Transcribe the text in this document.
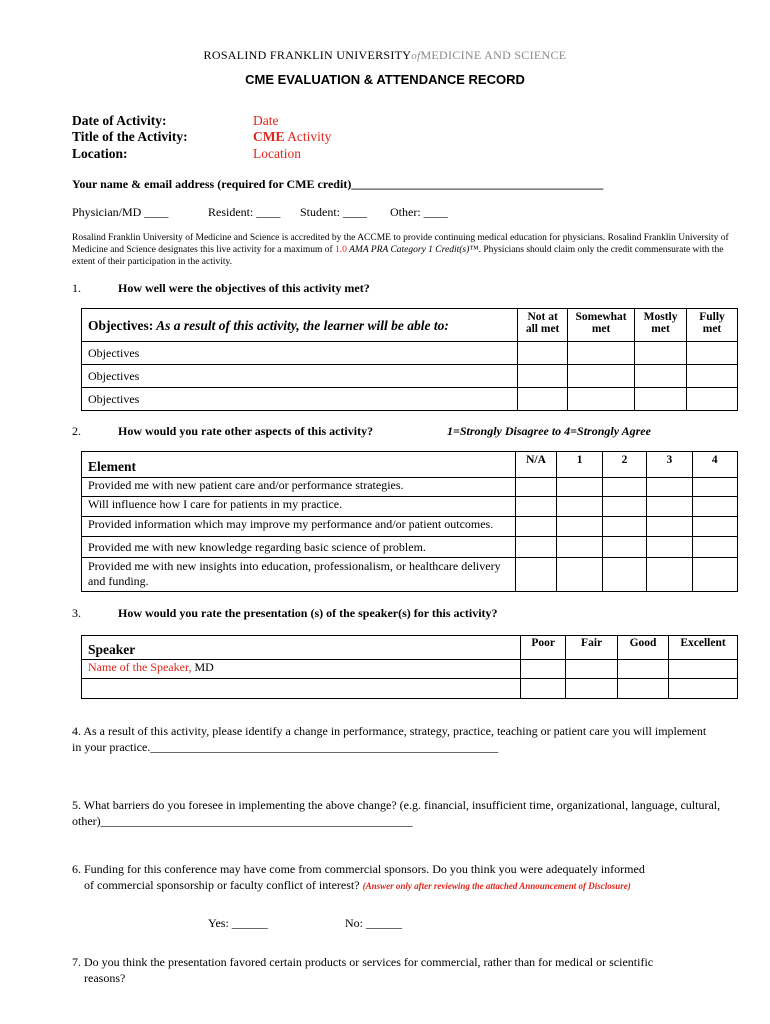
ROSALIND FRANKLIN UNIVERSITYofMEDICINE AND SCIENCE
CME EVALUATION & ATTENDANCE RECORD
Date of Activity:	Date
Title of the Activity:	CME Activity
Location:	Location
Your name & email address (required for CME credit)__________________________________________
Physician/MD ____	Resident: ____ Student: ____ Other: ____
Rosalind Franklin University of Medicine and Science is accredited by the ACCME to provide continuing medical education for physicians. Rosalind Franklin University of Medicine and Science designates this live activity for a maximum of 1.0 AMA PRA Category 1 Credit(s)™. Physicians should claim only the credit commensurate with the extent of their participation in the activity.
1.	How well were the objectives of this activity met?
Objectives: As a result of this activity, the learner will be able to:	Not at all met	Somewhat met	Mostly met	Fully met
Objectives				
Objectives				
Objectives				
2.	How would you rate other aspects of this activity?	1=Strongly Disagree to 4=Strongly Agree
Element	N/A	1	2	3	4
Provided me with new patient care and/or performance strategies.					
Will influence how I care for patients in my practice.					
Provided information which may improve my performance and/or patient outcomes.					
Provided me with new knowledge regarding basic science of problem.					
Provided me with new insights into education, professionalism, or healthcare delivery and funding.					
3.	How would you rate the presentation (s) of the speaker(s) for this activity?
Speaker	Poor	Fair	Good	Excellent
Name of the Speaker, MD				

4. As a result of this activity, please identify a change in performance, strategy, practice, teaching or patient care you will implement in your practice.__________________________________________________________
5. What barriers do you foresee in implementing the above change? (e.g. financial, insufficient time, organizational, language, cultural, other)____________________________________________________
6. Funding for this conference may have come from commercial sponsors. Do you think you were adequately informed
of commercial sponsorship or faculty conflict of interest? (Answer only after reviewing the attached Announcement of Disclosure)
Yes: ______	No: ______
7. Do you think the presentation favored certain products or services for commercial, rather than for medical or scientific
reasons?
